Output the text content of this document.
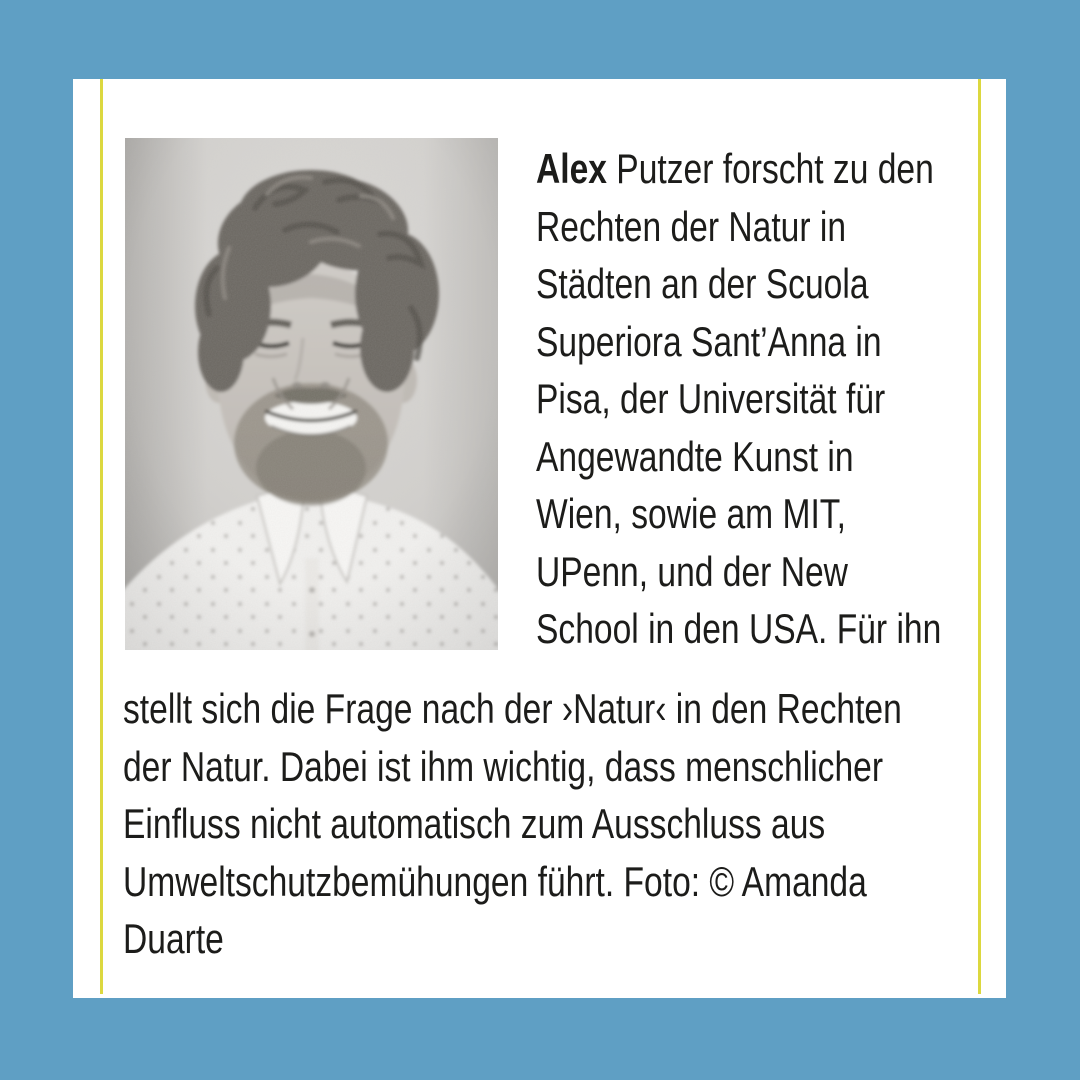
Alex Putzer forscht zu den
Rechten der Natur in
Städten an der Scuola
Superiora Sant’Anna in
Pisa, der Universität für
Angewandte Kunst in
Wien, sowie am MIT,
UPenn, und der New
School in den USA. Für ihn
stellt sich die Frage nach der ›Natur‹ in den Rechten
der Natur. Dabei ist ihm wichtig, dass menschlicher
Einfluss nicht automatisch zum Ausschluss aus
Umweltschutzbemühungen führt. Foto: © Amanda
Duarte
